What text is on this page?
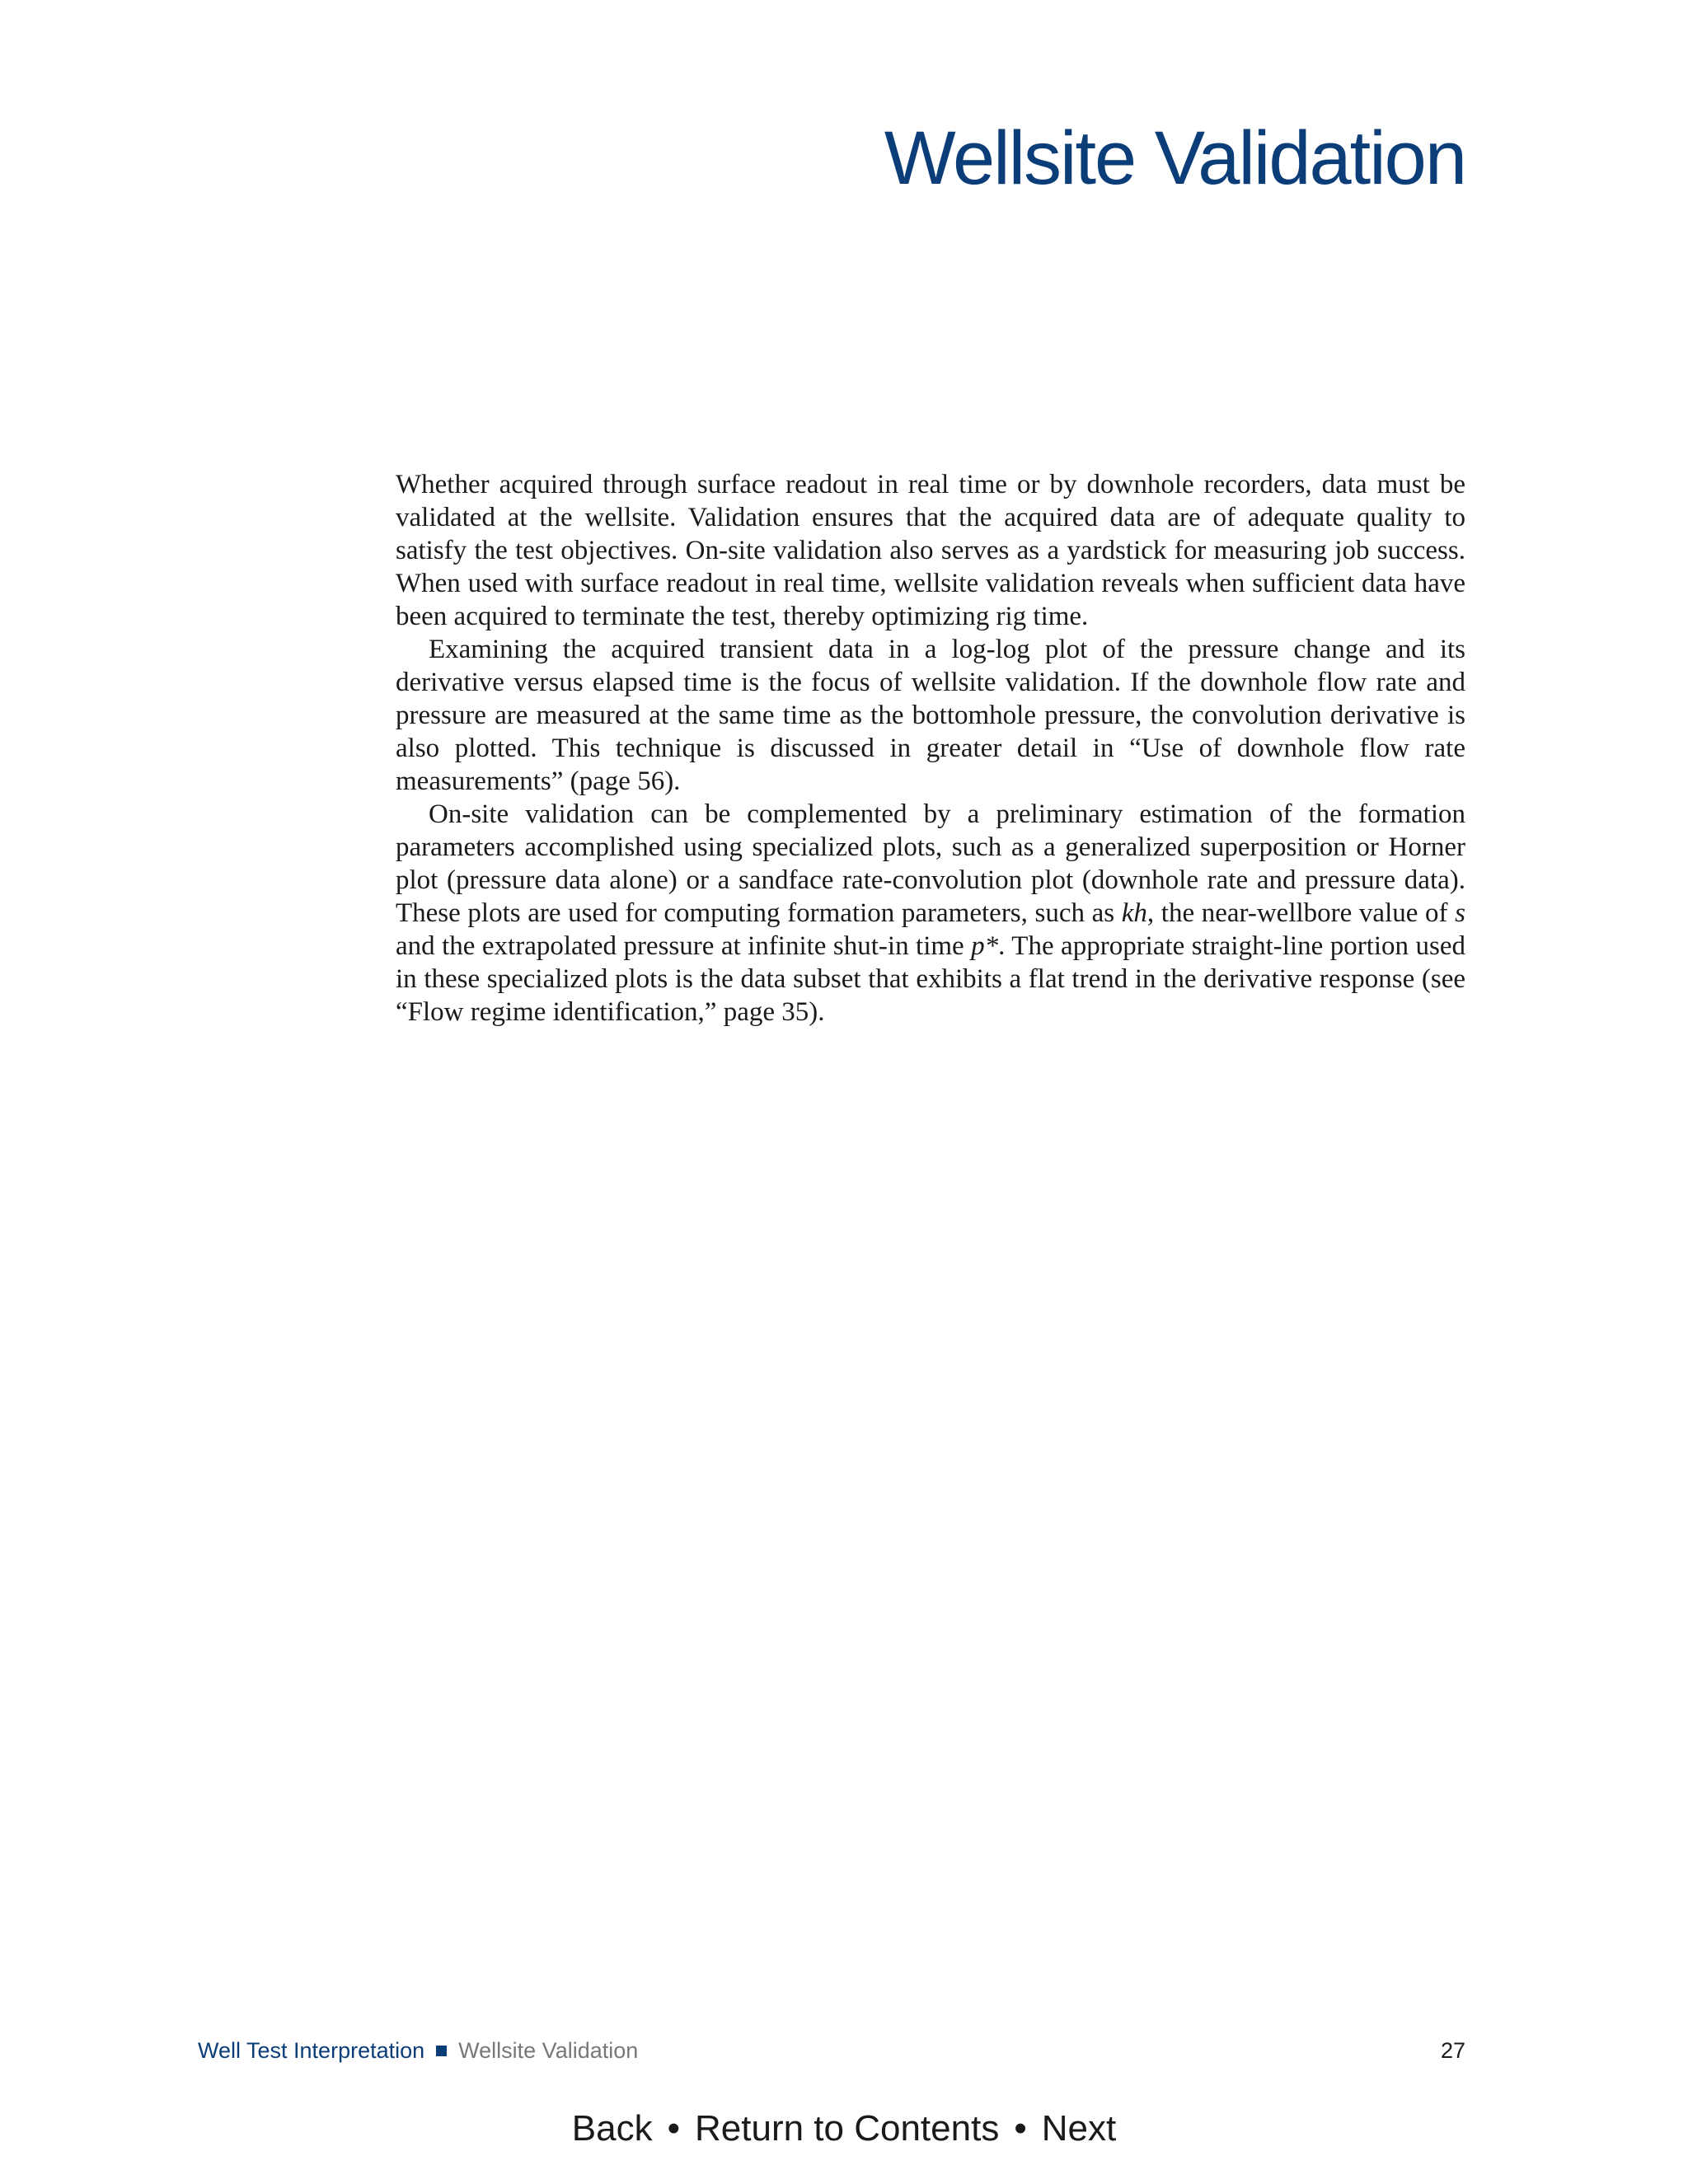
Wellsite Validation

Whether acquired through surface readout in real time or by downhole recorders, data must be validated at the wellsite. Validation ensures that the acquired data are of adequate quality to satisfy the test objectives. On-site validation also serves as a yardstick for measuring job success. When used with surface readout in real time, wellsite validation reveals when sufficient data have been acquired to terminate the test, thereby optimizing rig time.

Examining the acquired transient data in a log-log plot of the pressure change and its derivative versus elapsed time is the focus of wellsite validation. If the downhole flow rate and pressure are measured at the same time as the bottomhole pressure, the convolution derivative is also plotted. This technique is discussed in greater detail in “Use of downhole flow rate measurements” (page 56).

On-site validation can be complemented by a preliminary estimation of the formation parameters accomplished using specialized plots, such as a generalized superposition or Horner plot (pressure data alone) or a sandface rate-convolution plot (downhole rate and pressure data). These plots are used for computing formation parameters, such as kh, the near-wellbore value of s and the extrapolated pressure at infinite shut-in time p*. The appropriate straight-line portion used in these specialized plots is the data subset that exhibits a flat trend in the derivative response (see “Flow regime identification,” page 35).

Well Test Interpretation Wellsite Validation	27
Back • Return to Contents • Next
